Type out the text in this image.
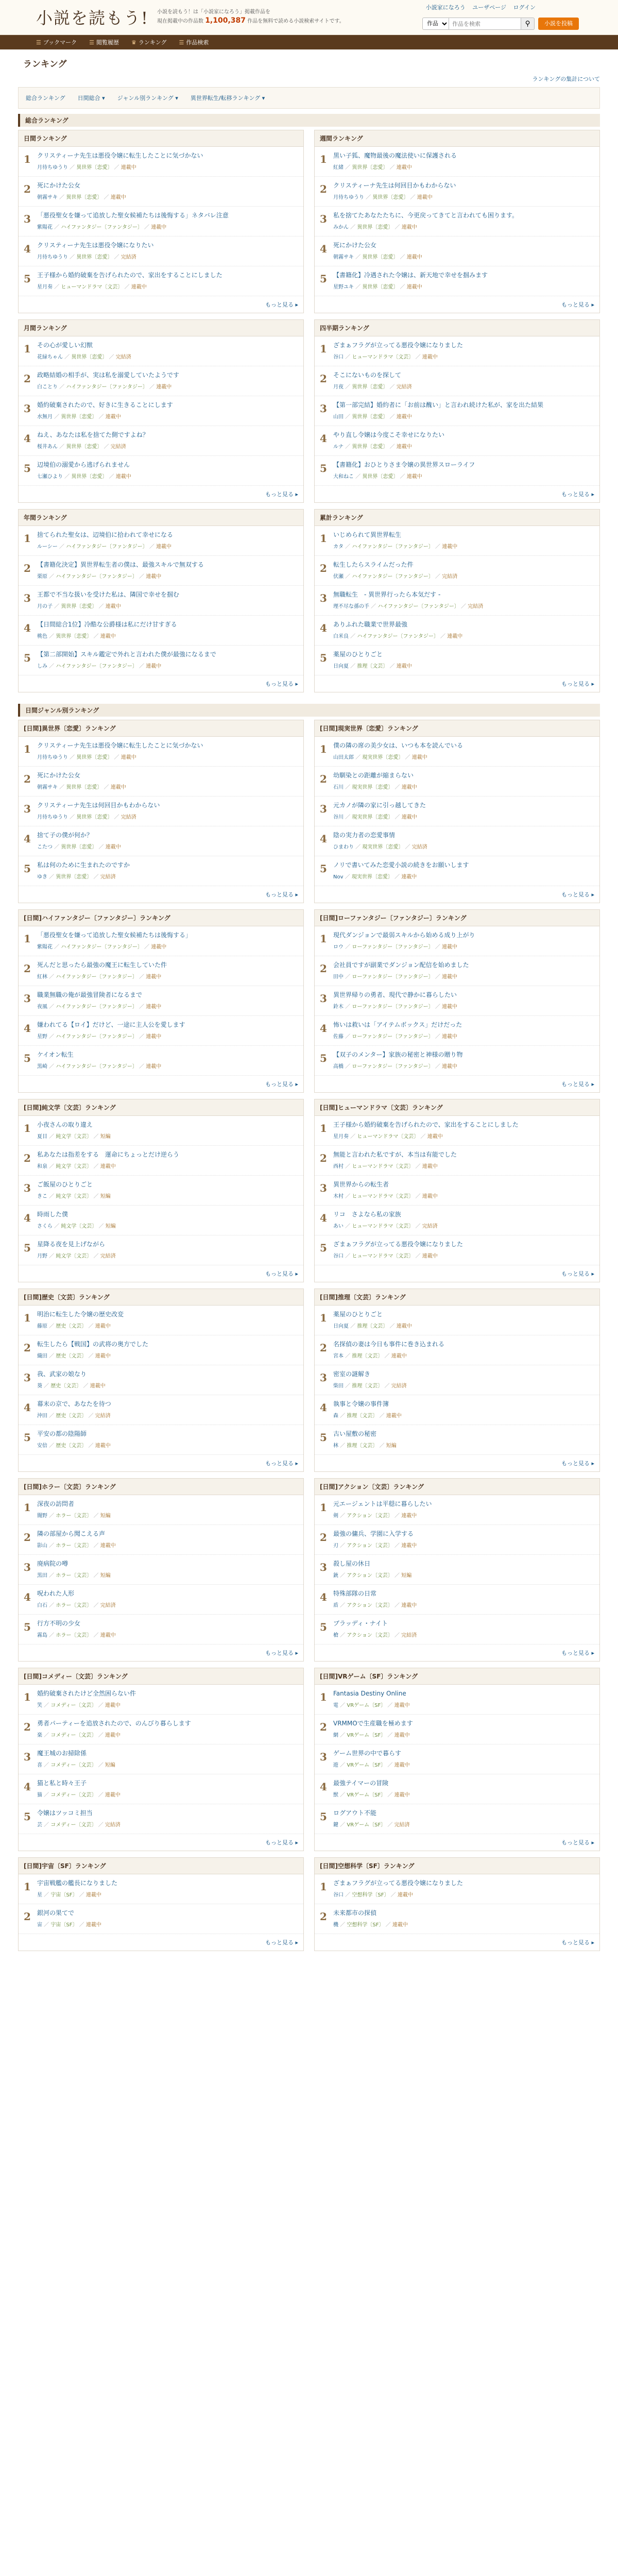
小説を読もう! 小説を読もう！は「小説家になろう」掲載作品を
現在掲載中の作品数 1,100,387 作品を無料で読める小説検索サイトです。
小説家になろう ユーザページ ログイン
作品
作品を検索
⚲	小説を投稿
☰ ブックマーク ☰ 閲覧履歴 ♛ ランキング ☰ 作品検索
ランキング
ランキングの集計について
総合ランキング 日間総合 ▾ ジャンル別ランキング ▾ 異世界転生/転移ランキング ▾
総合ランキング
日間ランキング
1	クリスティーナ先生は悪役令嬢に転生したことに気づかない
月待ちゆうり ／ 異世界〔恋愛〕 ／ 連載中
2	死にかけた公女
朝霧サキ ／ 異世界〔恋愛〕 ／ 連載中
3	「悪役聖女を嫌って追放した聖女候補たちは後悔する」ネタバレ注意
紫陽花 ／ ハイファンタジー〔ファンタジー〕 ／ 連載中
4	クリスティーナ先生は悪役令嬢になりたい
月待ちゆうり ／ 異世界〔恋愛〕 ／ 完結済
5	王子様から婚約破棄を告げられたので、家出をすることにしました
星月奏 ／ ヒューマンドラマ〔文芸〕 ／ 連載中
もっと見る ▸
週間ランキング
1	黒い子狐、魔物最後の魔法使いに保護される
紅緒 ／ 異世界〔恋愛〕 ／ 連載中
2	クリスティーナ先生は何回目かもわからない
月待ちゆうり ／ 異世界〔恋愛〕 ／ 連載中
3	私を捨てたあなたたちに、今更戻ってきてと言われても困ります。
みかん ／ 異世界〔恋愛〕 ／ 連載中
4	死にかけた公女
朝霧サキ ／ 異世界〔恋愛〕 ／ 連載中
5	【書籍化】冷遇された令嬢は、新天地で幸せを掴みます
星野ユキ ／ 異世界〔恋愛〕 ／ 連載中
もっと見る ▸
月間ランキング
1	その心が愛しい幻獣
花緑ちゃん ／ 異世界〔恋愛〕 ／ 完結済
2	政略結婚の相手が、実は私を溺愛していたようです
白ことり ／ ハイファンタジー〔ファンタジー〕 ／ 連載中
3	婚約破棄されたので、好きに生きることにします
水無月 ／ 異世界〔恋愛〕 ／ 連載中
4	ねえ、あなたは私を捨てた側ですよね？
桜井あん ／ 異世界〔恋愛〕 ／ 完結済
5	辺境伯の溺愛から逃げられません
七瀬ひより ／ 異世界〔恋愛〕 ／ 連載中
もっと見る ▸
四半期ランキング
1	ざまぁフラグが立ってる悪役令嬢になりました
谷口 ／ ヒューマンドラマ〔文芸〕 ／ 連載中
2	そこにないものを探して
月夜 ／ 異世界〔恋愛〕 ／ 完結済
3	【第一部完結】婚約者に「お前は醜い」と言われ続けた私が、家を出た結果
山田 ／ 異世界〔恋愛〕 ／ 連載中
4	やり直し令嬢は今度こそ幸せになりたい
ルナ ／ 異世界〔恋愛〕 ／ 連載中
5	【書籍化】おひとりさま令嬢の異世界スローライフ
大和ねこ ／ 異世界〔恋愛〕 ／ 連載中
もっと見る ▸
年間ランキング
1	捨てられた聖女は、辺境伯に拾われて幸せになる
ルーシー ／ ハイファンタジー〔ファンタジー〕 ／ 連載中
2	【書籍化決定】異世界転生者の僕は、最強スキルで無双する
栗原 ／ ハイファンタジー〔ファンタジー〕 ／ 連載中
3	王都で不当な扱いを受けた私は、隣国で幸せを掴む
月の子 ／ 異世界〔恋愛〕 ／ 連載中
4	【日間総合1位】冷酷な公爵様は私にだけ甘すぎる
桃色 ／ 異世界〔恋愛〕 ／ 連載中
5	【第二部開始】スキル鑑定で外れと言われた僕が最強になるまで
しみ ／ ハイファンタジー〔ファンタジー〕 ／ 連載中
もっと見る ▸
累計ランキング
1	いじめられて異世界転生
カタ ／ ハイファンタジー〔ファンタジー〕 ／ 連載中
2	転生したらスライムだった件
伏瀬 ／ ハイファンタジー〔ファンタジー〕 ／ 完結済
3	無職転生　- 異世界行ったら本気だす -
理不尽な孫の手 ／ ハイファンタジー〔ファンタジー〕 ／ 完結済
4	ありふれた職業で世界最強
白米良 ／ ハイファンタジー〔ファンタジー〕 ／ 連載中
5	薬屋のひとりごと
日向夏 ／ 推理〔文芸〕 ／ 連載中
もっと見る ▸
日間ジャンル別ランキング
[日間]異世界〔恋愛〕ランキング
1	クリスティーナ先生は悪役令嬢に転生したことに気づかない
月待ちゆうり ／ 異世界〔恋愛〕 ／ 連載中
2	死にかけた公女
朝霧サキ ／ 異世界〔恋愛〕 ／ 連載中
3	クリスティーナ先生は何回目かもわからない
月待ちゆうり ／ 異世界〔恋愛〕 ／ 完結済
4	捨て子の僕が何か？
こたつ ／ 異世界〔恋愛〕 ／ 連載中
5	私は何のために生まれたのですか
ゆき ／ 異世界〔恋愛〕 ／ 完結済
もっと見る ▸
[日間]現実世界〔恋愛〕ランキング
1	僕の隣の席の美少女は、いつも本を読んでいる
山田太郎 ／ 現実世界〔恋愛〕 ／ 連載中
2	幼馴染との距離が縮まらない
石川 ／ 現実世界〔恋愛〕 ／ 連載中
3	元カノが隣の家に引っ越してきた
谷川 ／ 現実世界〔恋愛〕 ／ 連載中
4	陰の実力者の恋愛事情
ひまわり ／ 現実世界〔恋愛〕 ／ 完結済
5	ノリで書いてみた恋愛小説の続きをお願いします
Nov ／ 現実世界〔恋愛〕 ／ 連載中
もっと見る ▸
[日間]ハイファンタジー〔ファンタジー〕ランキング
1	「悪役聖女を嫌って追放した聖女候補たちは後悔する」
紫陽花 ／ ハイファンタジー〔ファンタジー〕 ／ 連載中
2	死んだと思ったら最強の魔王に転生していた件
紅林 ／ ハイファンタジー〔ファンタジー〕 ／ 連載中
3	職業無職の俺が最強冒険者になるまで
夜風 ／ ハイファンタジー〔ファンタジー〕 ／ 連載中
4	嫌われてる【ロイ】だけど、一途に主人公を愛します
星野 ／ ハイファンタジー〔ファンタジー〕 ／ 連載中
5	ケイオン転生
黒崎 ／ ハイファンタジー〔ファンタジー〕 ／ 連載中
もっと見る ▸
[日間]ローファンタジー〔ファンタジー〕ランキング
1	現代ダンジョンで最弱スキルから始める成り上がり
ロウ ／ ローファンタジー〔ファンタジー〕 ／ 連載中
2	会社員ですが副業でダンジョン配信を始めました
田中 ／ ローファンタジー〔ファンタジー〕 ／ 連載中
3	異世界帰りの勇者、現代で静かに暮らしたい
鈴木 ／ ローファンタジー〔ファンタジー〕 ／ 連載中
4	怖いは救いは「アイテムボックス」だけだった
佐藤 ／ ローファンタジー〔ファンタジー〕 ／ 連載中
5	【双子のメンター】家族の秘密と神様の贈り物
高橋 ／ ローファンタジー〔ファンタジー〕 ／ 連載中
もっと見る ▸
[日間]純文学〔文芸〕ランキング
1	小夜さんの取り違え
夏目 ／ 純文学〔文芸〕 ／ 短編
2	私あなたは指差をする　運命にちょっとだけ逆らう
和泉 ／ 純文学〔文芸〕 ／ 連載中
3	ご飯屋のひとりごと
きこ ／ 純文学〔文芸〕 ／ 短編
4	時雨した僕
さくら ／ 純文学〔文芸〕 ／ 短編
5	星降る夜を見上げながら
月野 ／ 純文学〔文芸〕 ／ 完結済
もっと見る ▸
[日間]ヒューマンドラマ〔文芸〕ランキング
1	王子様から婚約破棄を告げられたので、家出をすることにしました
星月奏 ／ ヒューマンドラマ〔文芸〕 ／ 連載中
2	無能と言われた私ですが、本当は有能でした
西村 ／ ヒューマンドラマ〔文芸〕 ／ 連載中
3	異世界からの転生者
木村 ／ ヒューマンドラマ〔文芸〕 ／ 連載中
4	リコ　さよなら私の家族
あい ／ ヒューマンドラマ〔文芸〕 ／ 完結済
5	ざまぁフラグが立ってる悪役令嬢になりました
谷口 ／ ヒューマンドラマ〔文芸〕 ／ 連載中
もっと見る ▸
[日間]歴史〔文芸〕ランキング
1	明治に転生した令嬢の歴史改変
藤原 ／ 歴史〔文芸〕 ／ 連載中
2	転生したら【戦国】の武将の奥方でした
織田 ／ 歴史〔文芸〕 ／ 連載中
3	我、武家の娘なり
葵 ／ 歴史〔文芸〕 ／ 連載中
4	幕末の京で、あなたを待つ
沖田 ／ 歴史〔文芸〕 ／ 完結済
5	平安の都の陰陽師
安倍 ／ 歴史〔文芸〕 ／ 連載中
もっと見る ▸
[日間]推理〔文芸〕ランキング
1	薬屋のひとりごと
日向夏 ／ 推理〔文芸〕 ／ 連載中
2	名探偵の妻は今日も事件に巻き込まれる
宮本 ／ 推理〔文芸〕 ／ 連載中
3	密室の謎解き
柴田 ／ 推理〔文芸〕 ／ 完結済
4	執事と令嬢の事件簿
森 ／ 推理〔文芸〕 ／ 連載中
5	古い屋敷の秘密
林 ／ 推理〔文芸〕 ／ 短編
もっと見る ▸
[日間]ホラー〔文芸〕ランキング
1	深夜の訪問者
闇野 ／ ホラー〔文芸〕 ／ 短編
2	隣の部屋から聞こえる声
影山 ／ ホラー〔文芸〕 ／ 連載中
3	廃病院の噂
黒田 ／ ホラー〔文芸〕 ／ 短編
4	呪われた人形
白石 ／ ホラー〔文芸〕 ／ 完結済
5	行方不明の少女
霧島 ／ ホラー〔文芸〕 ／ 連載中
もっと見る ▸
[日間]アクション〔文芸〕ランキング
1	元エージェントは平穏に暮らしたい
剣 ／ アクション〔文芸〕 ／ 連載中
2	最強の傭兵、学園に入学する
刃 ／ アクション〔文芸〕 ／ 連載中
3	殺し屋の休日
銃 ／ アクション〔文芸〕 ／ 短編
4	特殊部隊の日常
盾 ／ アクション〔文芸〕 ／ 連載中
5	ブラッディ・ナイト
槍 ／ アクション〔文芸〕 ／ 完結済
もっと見る ▸
[日間]コメディー〔文芸〕ランキング
1	婚約破棄されたけど全然困らない件
笑 ／ コメディー〔文芸〕 ／ 連載中
2	勇者パーティーを追放されたので、のんびり暮らします
楽 ／ コメディー〔文芸〕 ／ 連載中
3	魔王城のお掃除係
喜 ／ コメディー〔文芸〕 ／ 短編
4	猫と私と時々王子
猫 ／ コメディー〔文芸〕 ／ 連載中
5	令嬢はツッコミ担当
芸 ／ コメディー〔文芸〕 ／ 完結済
もっと見る ▸
[日間]VRゲーム〔SF〕ランキング
1	Fantasia Destiny Online
電 ／ VRゲーム〔SF〕 ／ 連載中
2	VRMMOで生産職を極めます
網 ／ VRゲーム〔SF〕 ／ 連載中
3	ゲーム世界の中で暮らす
遊 ／ VRゲーム〔SF〕 ／ 連載中
4	最強テイマーの冒険
獣 ／ VRゲーム〔SF〕 ／ 連載中
5	ログアウト不能
鍵 ／ VRゲーム〔SF〕 ／ 完結済
もっと見る ▸
[日間]宇宙〔SF〕ランキング
1	宇宙戦艦の艦長になりました
星 ／ 宇宙〔SF〕 ／ 連載中
2	銀河の果てで
宙 ／ 宇宙〔SF〕 ／ 連載中
もっと見る ▸
[日間]空想科学〔SF〕ランキング
1	ざまぁフラグが立ってる悪役令嬢になりました
谷口 ／ 空想科学〔SF〕 ／ 連載中
2	未来都市の探偵
機 ／ 空想科学〔SF〕 ／ 連載中
もっと見る ▸
